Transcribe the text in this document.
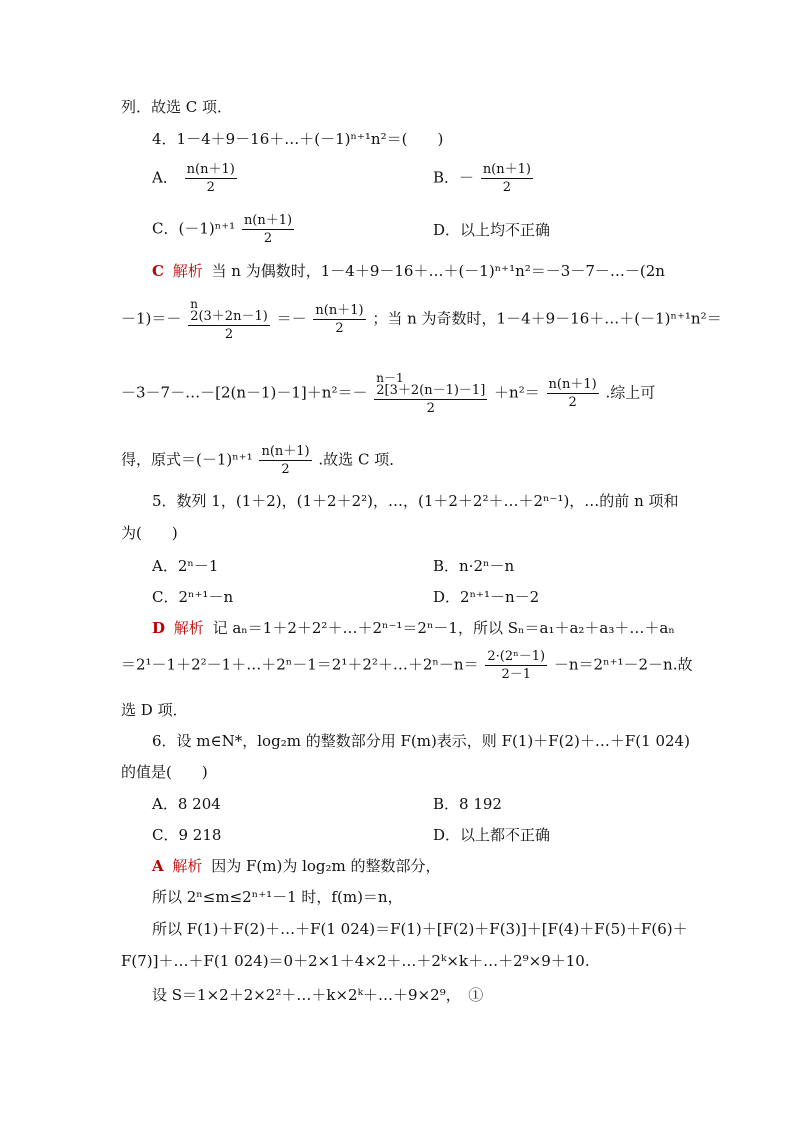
列．故选 C 项．
4．1－4＋9－16＋…＋(－1)ⁿ⁺¹n²＝(　　)
A． $\frac{n(n+1)}{2}$	B．－ $\frac{n(n+1)}{2}$
C．$(-1)^{n+1} \frac{n(n+1)}{2}$	D．以上均不正确
C 解析 当 n 为偶数时，1－4＋9－16＋…＋(－1)ⁿ⁺¹n²＝－3－7－…－(2n
－1)＝－ n
2(3＋2n－1)
$2 =- \frac{n(n+1)}{2}$ ；当 n 为奇数时，1－4＋9－16＋…＋(－1)ⁿ⁺¹n²＝
－3－7－…－[2(n－1)－1]＋n²＝－ n－1
2[3＋2(n－1)－1]
$2 +n^2= \frac{n(n+1)}{2}$ .综上可
得，原式$=(-1)^{n+1} \frac{n(n+1)}{2}$ .故选 C 项．
5．数列 1，(1＋2)，(1＋2＋2²)，…，(1＋2＋2²＋…＋2ⁿ⁻¹)，…的前 n 项和
为(　　)
A．2ⁿ－1	B．n·2ⁿ－n
C．2ⁿ⁺¹－n	D．2ⁿ⁺¹－n－2
D 解析 记 aₙ＝1＋2＋2²＋…＋2ⁿ⁻¹＝2ⁿ－1，所以 Sₙ＝a₁＋a₂＋a₃＋…＋aₙ
＝2¹－1＋2²－1＋…＋2ⁿ－1＝2¹＋2²＋…＋2ⁿ－n＝ $\frac{\text{2·(2ⁿ－1)}}{2-1} -n=2^{n+1}-2-n$.故
选 D 项．
6．设 m∈N*，log₂m 的整数部分用 F(m)表示，则 F(1)＋F(2)＋…＋F(1 024)
的值是(　　)
A．8 204	B．8 192
C．9 218	D．以上都不正确
A 解析 因为 F(m)为 log₂m 的整数部分，
所以 2ⁿ≤m≤2ⁿ⁺¹－1 时，f(m)＝n，
所以 F(1)＋F(2)＋…＋F(1 024)＝F(1)＋[F(2)＋F(3)]＋[F(4)＋F(5)＋F(6)＋
F(7)]＋…＋F(1 024)＝0＋2×1＋4×2＋…＋2ᵏ×k＋…＋2⁹×9＋10.
设 S＝1×2＋2×2²＋…＋k×2ᵏ＋…＋9×2⁹，　①
